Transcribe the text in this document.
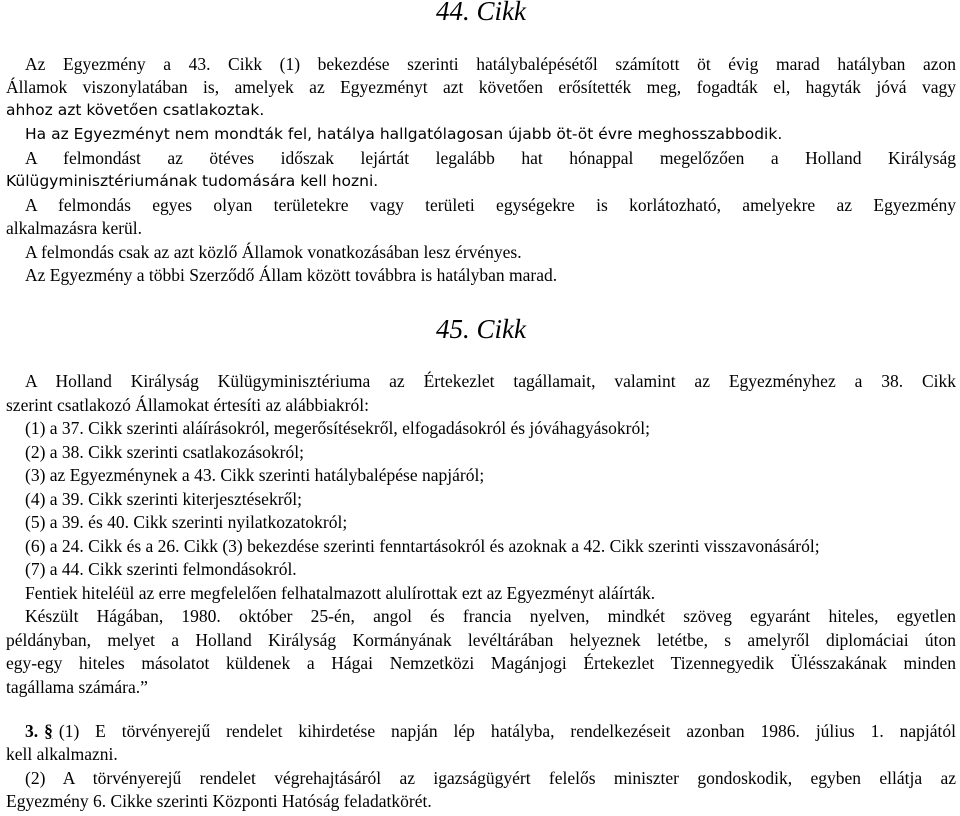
44. Cikk
Az Egyezmény a 43. Cikk (1) bekezdése szerinti hatálybalépésétől számított öt évig marad hatályban azon
Államok viszonylatában is, amelyek az Egyezményt azt követően erősítették meg, fogadták el, hagyták jóvá vagy
ahhoz azt követően csatlakoztak.
Ha az Egyezményt nem mondták fel, hatálya hallgatólagosan újabb öt-öt évre meghosszabbodik.
A felmondást az ötéves időszak lejártát legalább hat hónappal megelőzően a Holland Királyság
Külügyminisztériumának tudomására kell hozni.
A felmondás egyes olyan területekre vagy területi egységekre is korlátozható, amelyekre az Egyezmény
alkalmazásra kerül.
A felmondás csak az azt közlő Államok vonatkozásában lesz érvényes.
Az Egyezmény a többi Szerződő Állam között továbbra is hatályban marad.
45. Cikk
A Holland Királyság Külügyminisztériuma az Értekezlet tagállamait, valamint az Egyezményhez a 38. Cikk
szerint csatlakozó Államokat értesíti az alábbiakról:
(1) a 37. Cikk szerinti aláírásokról, megerősítésekről, elfogadásokról és jóváhagyásokról;
(2) a 38. Cikk szerinti csatlakozásokról;
(3) az Egyezménynek a 43. Cikk szerinti hatálybalépése napjáról;
(4) a 39. Cikk szerinti kiterjesztésekről;
(5) a 39. és 40. Cikk szerinti nyilatkozatokról;
(6) a 24. Cikk és a 26. Cikk (3) bekezdése szerinti fenntartásokról és azoknak a 42. Cikk szerinti visszavonásáról;
(7) a 44. Cikk szerinti felmondásokról.
Fentiek hiteléül az erre megfelelően felhatalmazott alulírottak ezt az Egyezményt aláírták.
Készült Hágában, 1980. október 25-én, angol és francia nyelven, mindkét szöveg egyaránt hiteles, egyetlen
példányban, melyet a Holland Királyság Kormányának levéltárában helyeznek letétbe, s amelyről diplomáciai úton
egy-egy hiteles másolatot küldenek a Hágai Nemzetközi Magánjogi Értekezlet Tizennegyedik Ülésszakának minden
tagállama számára.”
3. § (1) E törvényerejű rendelet kihirdetése napján lép hatályba, rendelkezéseit azonban 1986. július 1. napjától
kell alkalmazni.
(2) A törvényerejű rendelet végrehajtásáról az igazságügyért felelős miniszter gondoskodik, egyben ellátja az
Egyezmény 6. Cikke szerinti Központi Hatóság feladatkörét.
